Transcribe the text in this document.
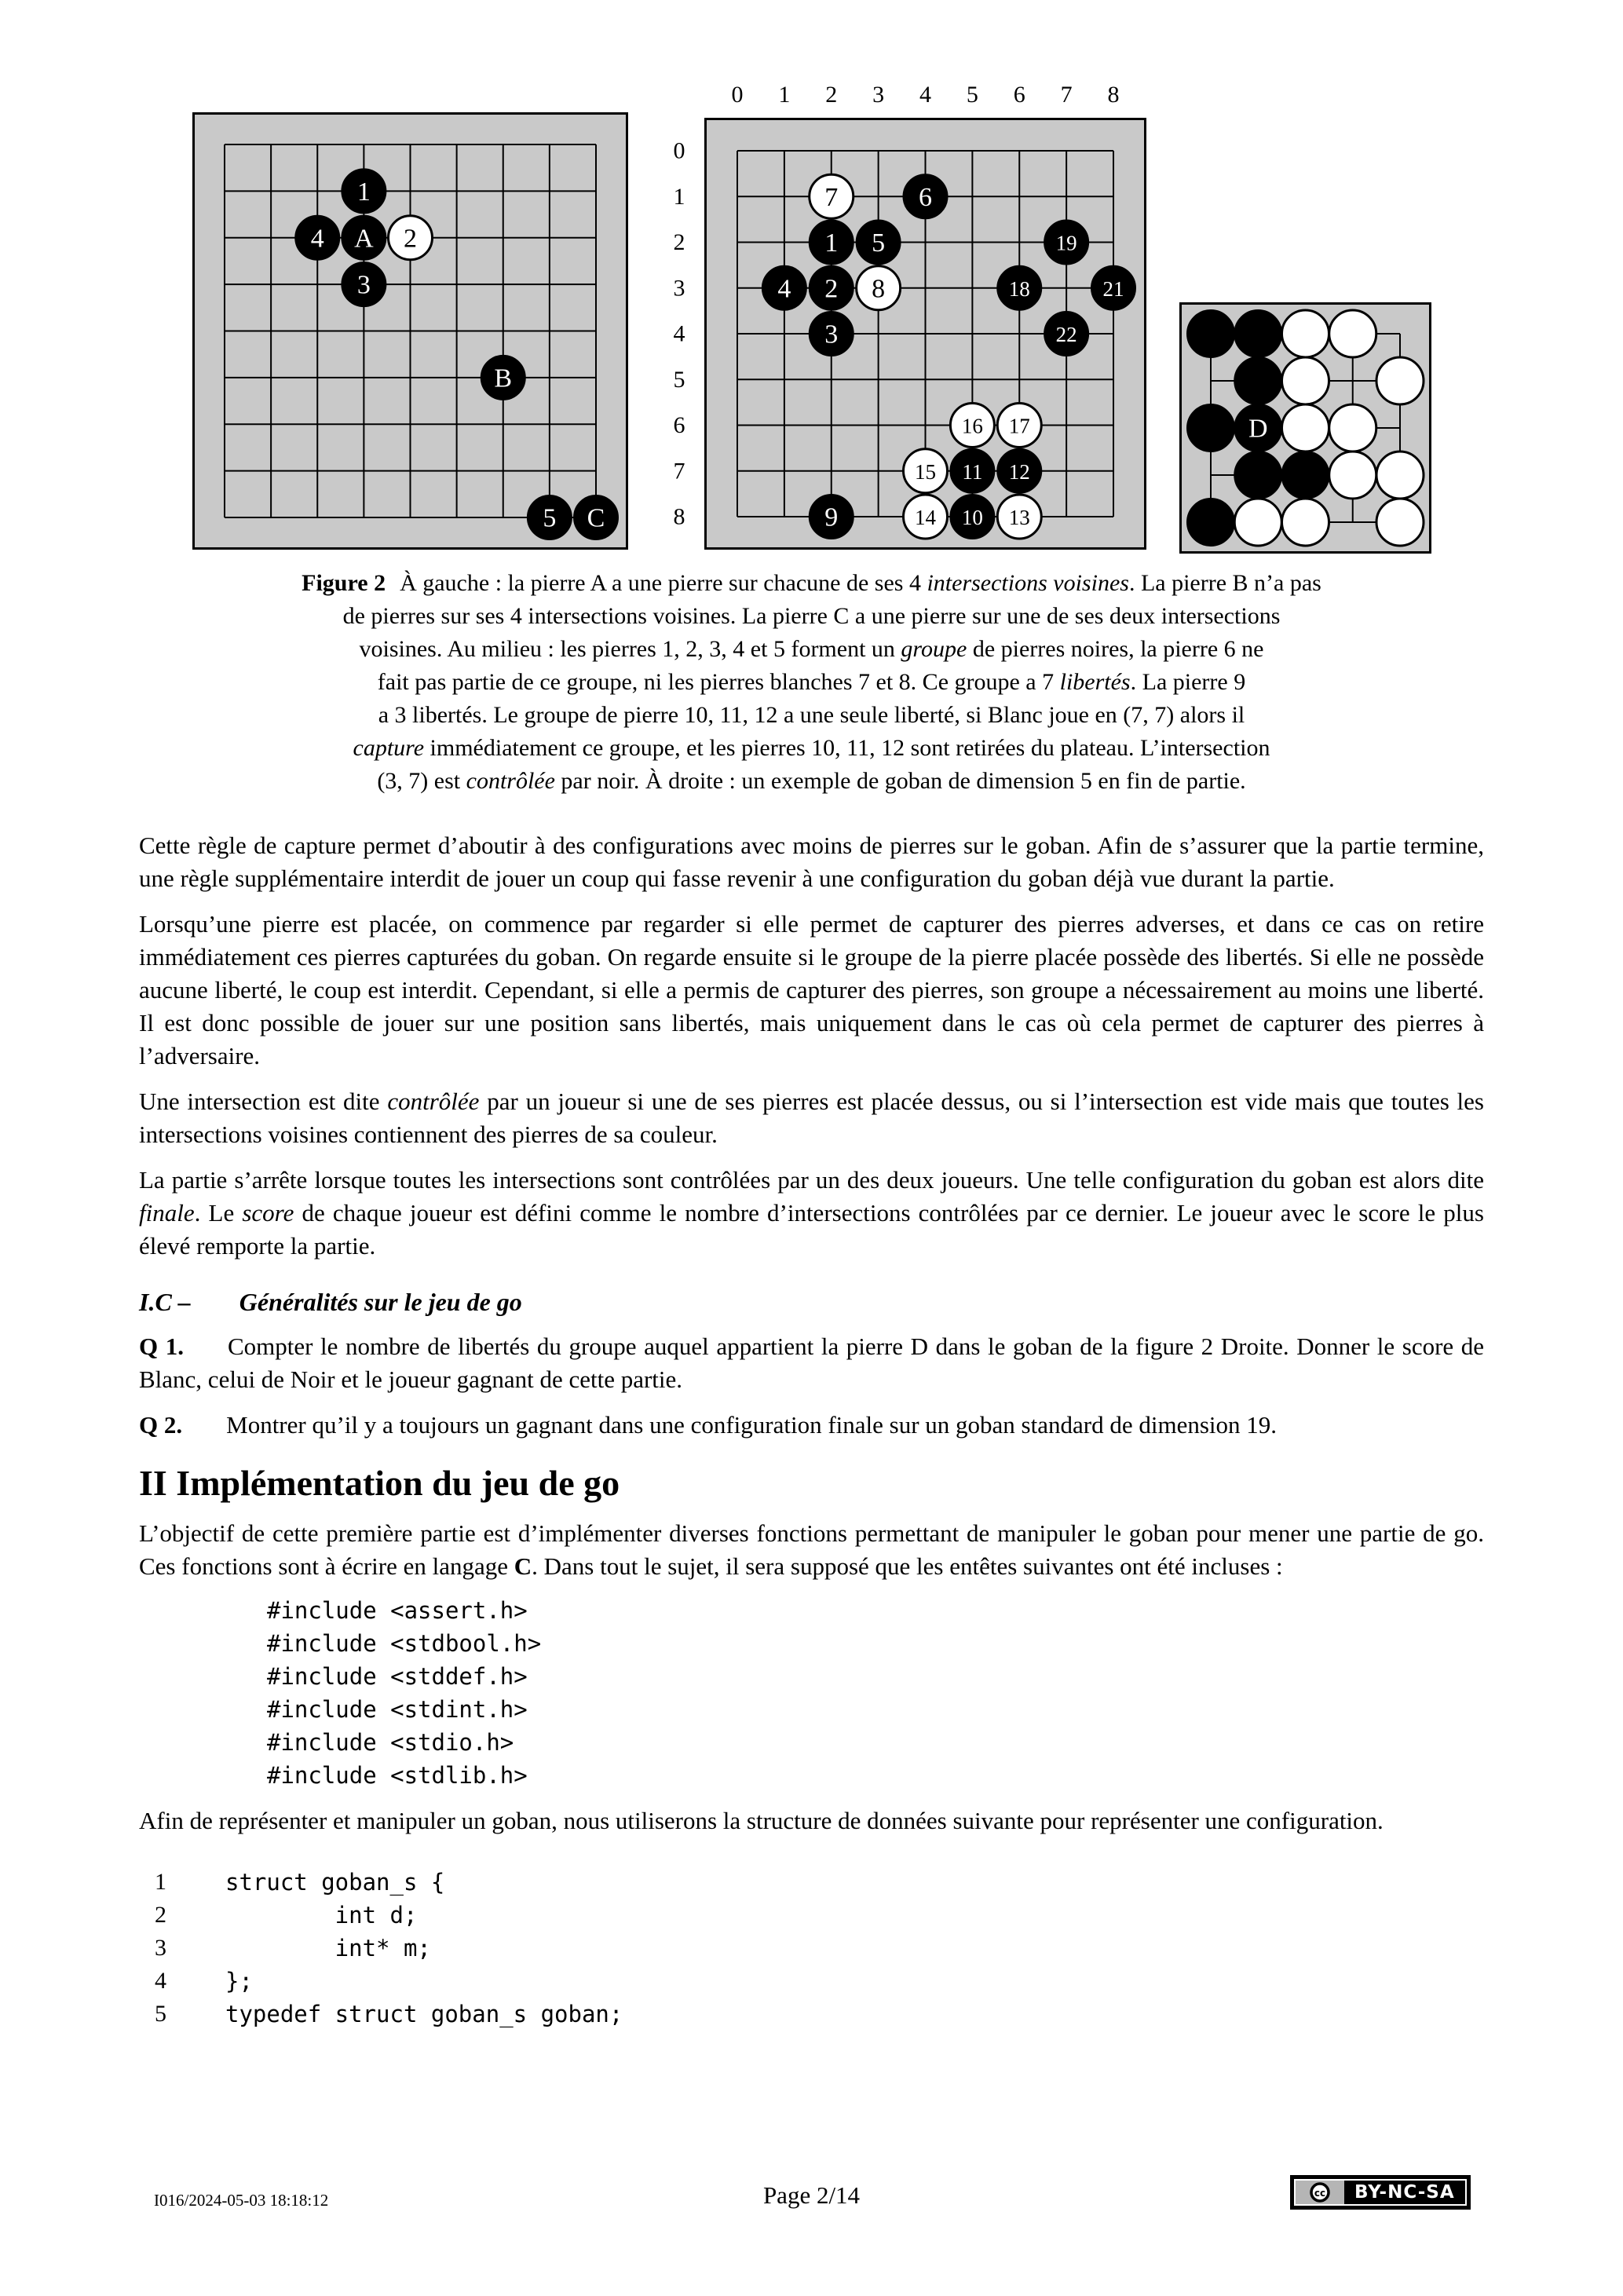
1
4 A 2
3
B
5 C
0 1 2 3 4 5 6 7 8
0
1
2
3
4
5
6
7
8
7	6
1 5	19
4 2 8	18	21
3	22
16 17
15 11 12
9	14 10 13
D
Figure 2 À gauche : la pierre A a une pierre sur chacune de ses 4 intersections voisines. La pierre B n’a pas
de pierres sur ses 4 intersections voisines. La pierre C a une pierre sur une de ses deux intersections
voisines. Au milieu : les pierres 1, 2, 3, 4 et 5 forment un groupe de pierres noires, la pierre 6 ne
fait pas partie de ce groupe, ni les pierres blanches 7 et 8. Ce groupe a 7 libertés. La pierre 9
a 3 libertés. Le groupe de pierre 10, 11, 12 a une seule liberté, si Blanc joue en (7, 7) alors il
capture immédiatement ce groupe, et les pierres 10, 11, 12 sont retirées du plateau. L’intersection
(3, 7) est contrôlée par noir. À droite : un exemple de goban de dimension 5 en fin de partie.

Cette règle de capture permet d’aboutir à des configurations avec moins de pierres sur le goban. Afin de s’assurer que la partie termine, une règle supplémentaire interdit de jouer un coup qui fasse revenir à une configuration du goban déjà vue durant la partie.

Lorsqu’une pierre est placée, on commence par regarder si elle permet de capturer des pierres adverses, et dans ce cas on retire immédiatement ces pierres capturées du goban. On regarde ensuite si le groupe de la pierre placée possède des libertés. Si elle ne possède aucune liberté, le coup est interdit. Cependant, si elle a permis de capturer des pierres, son groupe a nécessairement au moins une liberté. Il est donc possible de jouer sur une position sans libertés, mais uniquement dans le cas où cela permet de capturer des pierres à l’adversaire.

Une intersection est dite contrôlée par un joueur si une de ses pierres est placée dessus, ou si l’intersection est vide mais que toutes les intersections voisines contiennent des pierres de sa couleur.

La partie s’arrête lorsque toutes les intersections sont contrôlées par un des deux joueurs. Une telle configuration du goban est alors dite finale. Le score de chaque joueur est défini comme le nombre d’intersections contrôlées par ce dernier. Le joueur avec le score le plus élevé remporte la partie.

I.C – Généralités sur le jeu de go

Q 1. Compter le nombre de libertés du groupe auquel appartient la pierre D dans le goban de la figure 2 Droite. Donner le score de Blanc, celui de Noir et le joueur gagnant de cette partie.

Q 2. Montrer qu’il y a toujours un gagnant dans une configuration finale sur un goban standard de dimension 19.

II Implémentation du jeu de go

L’objectif de cette première partie est d’implémenter diverses fonctions permettant de manipuler le goban pour mener une partie de go. Ces fonctions sont à écrire en langage C. Dans tout le sujet, il sera supposé que les entêtes suivantes ont été incluses :

#include <assert.h>
#include <stdbool.h>
#include <stddef.h>
#include <stdint.h>
#include <stdio.h>
#include <stdlib.h>

Afin de représenter et manipuler un goban, nous utiliserons la structure de données suivante pour représenter une configuration.

1	struct goban_s {
2	int d;
3	int* m;
4	};
5	typedef struct goban_s goban;
I016/2024-05-03 18:18:12	Page 2/14	cc	BY-NC-SA
